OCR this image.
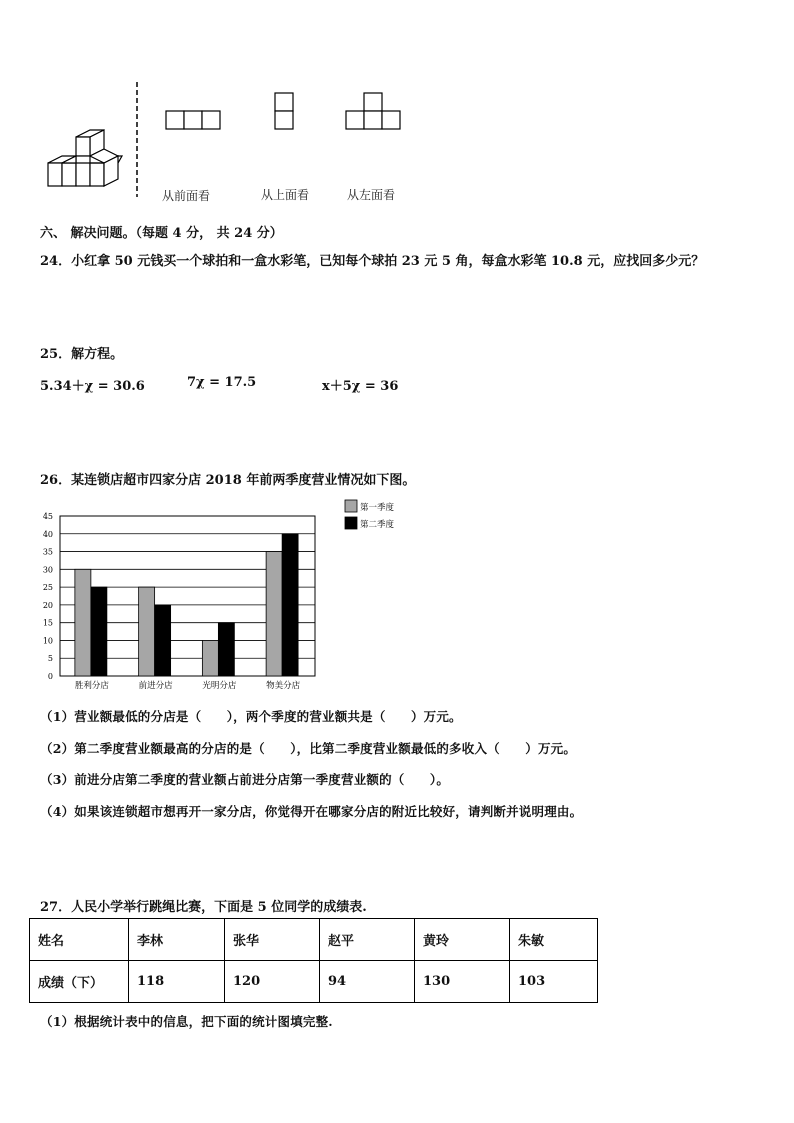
从前面看	从上面看	从左面看
六、 解决问题。（每题 4 分， 共 24 分）
24．小红拿 50 元钱买一个球拍和一盒水彩笔，已知每个球拍 23 元 5 角，每盒水彩笔 10.8 元，应找回多少元？
25．解方程。
5.34＋χ = 30.6	7χ = 17.5	x＋5χ = 36
26．某连锁店超市四家分店 2018 年前两季度营业情况如下图。
0
5
10
15
20
25
30
35
40
45
胜利分店	前进分店	光明分店	物美分店
第一季度
第二季度
（1）营业额最低的分店是（　　），两个季度的营业额共是（　　）万元。
（2）第二季度营业额最高的分店的是（　　），比第二季度营业额最低的多收入（　　）万元。
（3）前进分店第二季度的营业额占前进分店第一季度营业额的（　　）。
（4）如果该连锁超市想再开一家分店，你觉得开在哪家分店的附近比较好，请判断并说明理由。
27．人民小学举行跳绳比赛，下面是 5 位同学的成绩表.
姓名	李林	张华	赵平	黄玲	朱敏
成绩（下）	118	120	94	130	103
（1）根据统计表中的信息，把下面的统计图填完整.
